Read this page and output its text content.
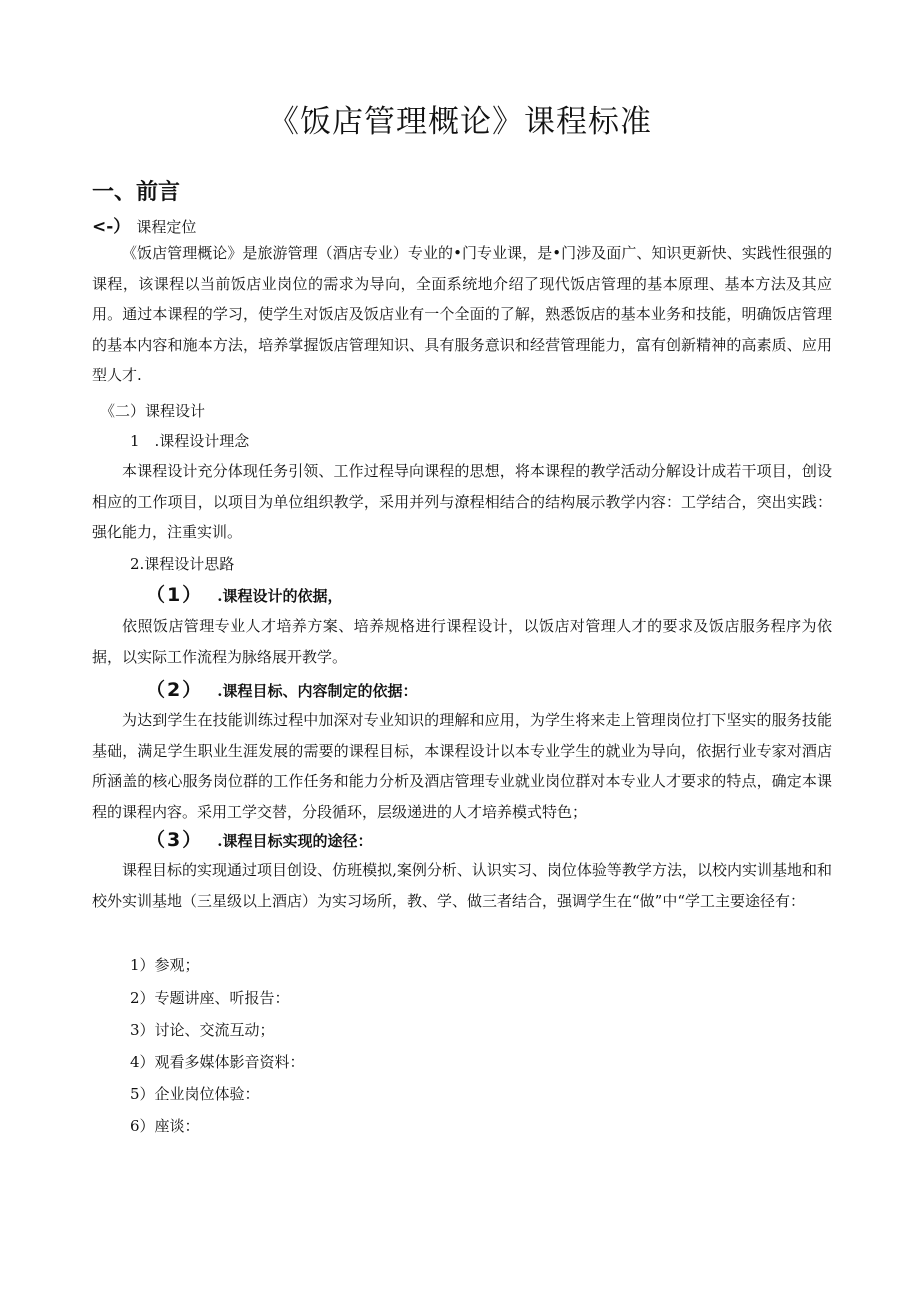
《饭店管理概论》课程标准
一、前言
<-） 课程定位
《饭店管理概论》是旅游管理（酒店专业）专业的•门专业课，是•门涉及面广、知识更新快、实践性很强的课程，该课程以当前饭店业岗位的需求为导向，全面系统地介绍了现代饭店管理的基本原理、基本方法及其应用。通过本课程的学习，使学生对饭店及饭店业有一个全面的了解，熟悉饭店的基本业务和技能，明确饭店管理的基本内容和施本方法，培养掌握饭店管理知识、具有服务意识和经营管理能力，富有创新精神的高素质、应用型人才.
《二）课程设计
1　.课程设计理念
本课程设计充分体现任务引领、工作过程导向课程的思想，将本课程的教学活动分解设计成若干项目，创设相应的工作项目，以项目为单位组织教学，采用并列与潦程相结合的结构展示教学内容：工学结合，突出实践：强化能力，注重实训。
2.课程设计思路
（1） .课程设计的依据，
依照饭店管理专业人才培养方案、培养规格进行课程设计，以饭店对管理人才的要求及饭店服务程序为依据，以实际工作流程为脉络展开教学。
（2） .课程目标、内容制定的依据：
为达到学生在技能训练过程中加深对专业知识的理解和应用，为学生将来走上管理岗位打下坚实的服务技能基础，满足学生职业生涯发展的需要的课程目标，本课程设计以本专业学生的就业为导向，依据行业专家对酒店所涵盖的核心服务岗位群的工作任务和能力分析及酒店管理专业就业岗位群对本专业人才要求的特点，确定本课程的课程内容。采用工学交替，分段循环，层级递进的人才培养模式特色；
（3） .课程目标实现的途径：
课程目标的实现通过项目创设、仿班模拟,案例分析、认识实习、岗位体验等教学方法，以校内实训基地和和校外实训基地（三星级以上酒店）为实习场所，教、学、做三者结合，强调学生在“做”中“学工主要途径有：
1）参观；
2）专题讲座、听报告：
3）讨论、交流互动；
4）观看多媒体影音资料：
5）企业岗位体验：
6）座谈：
